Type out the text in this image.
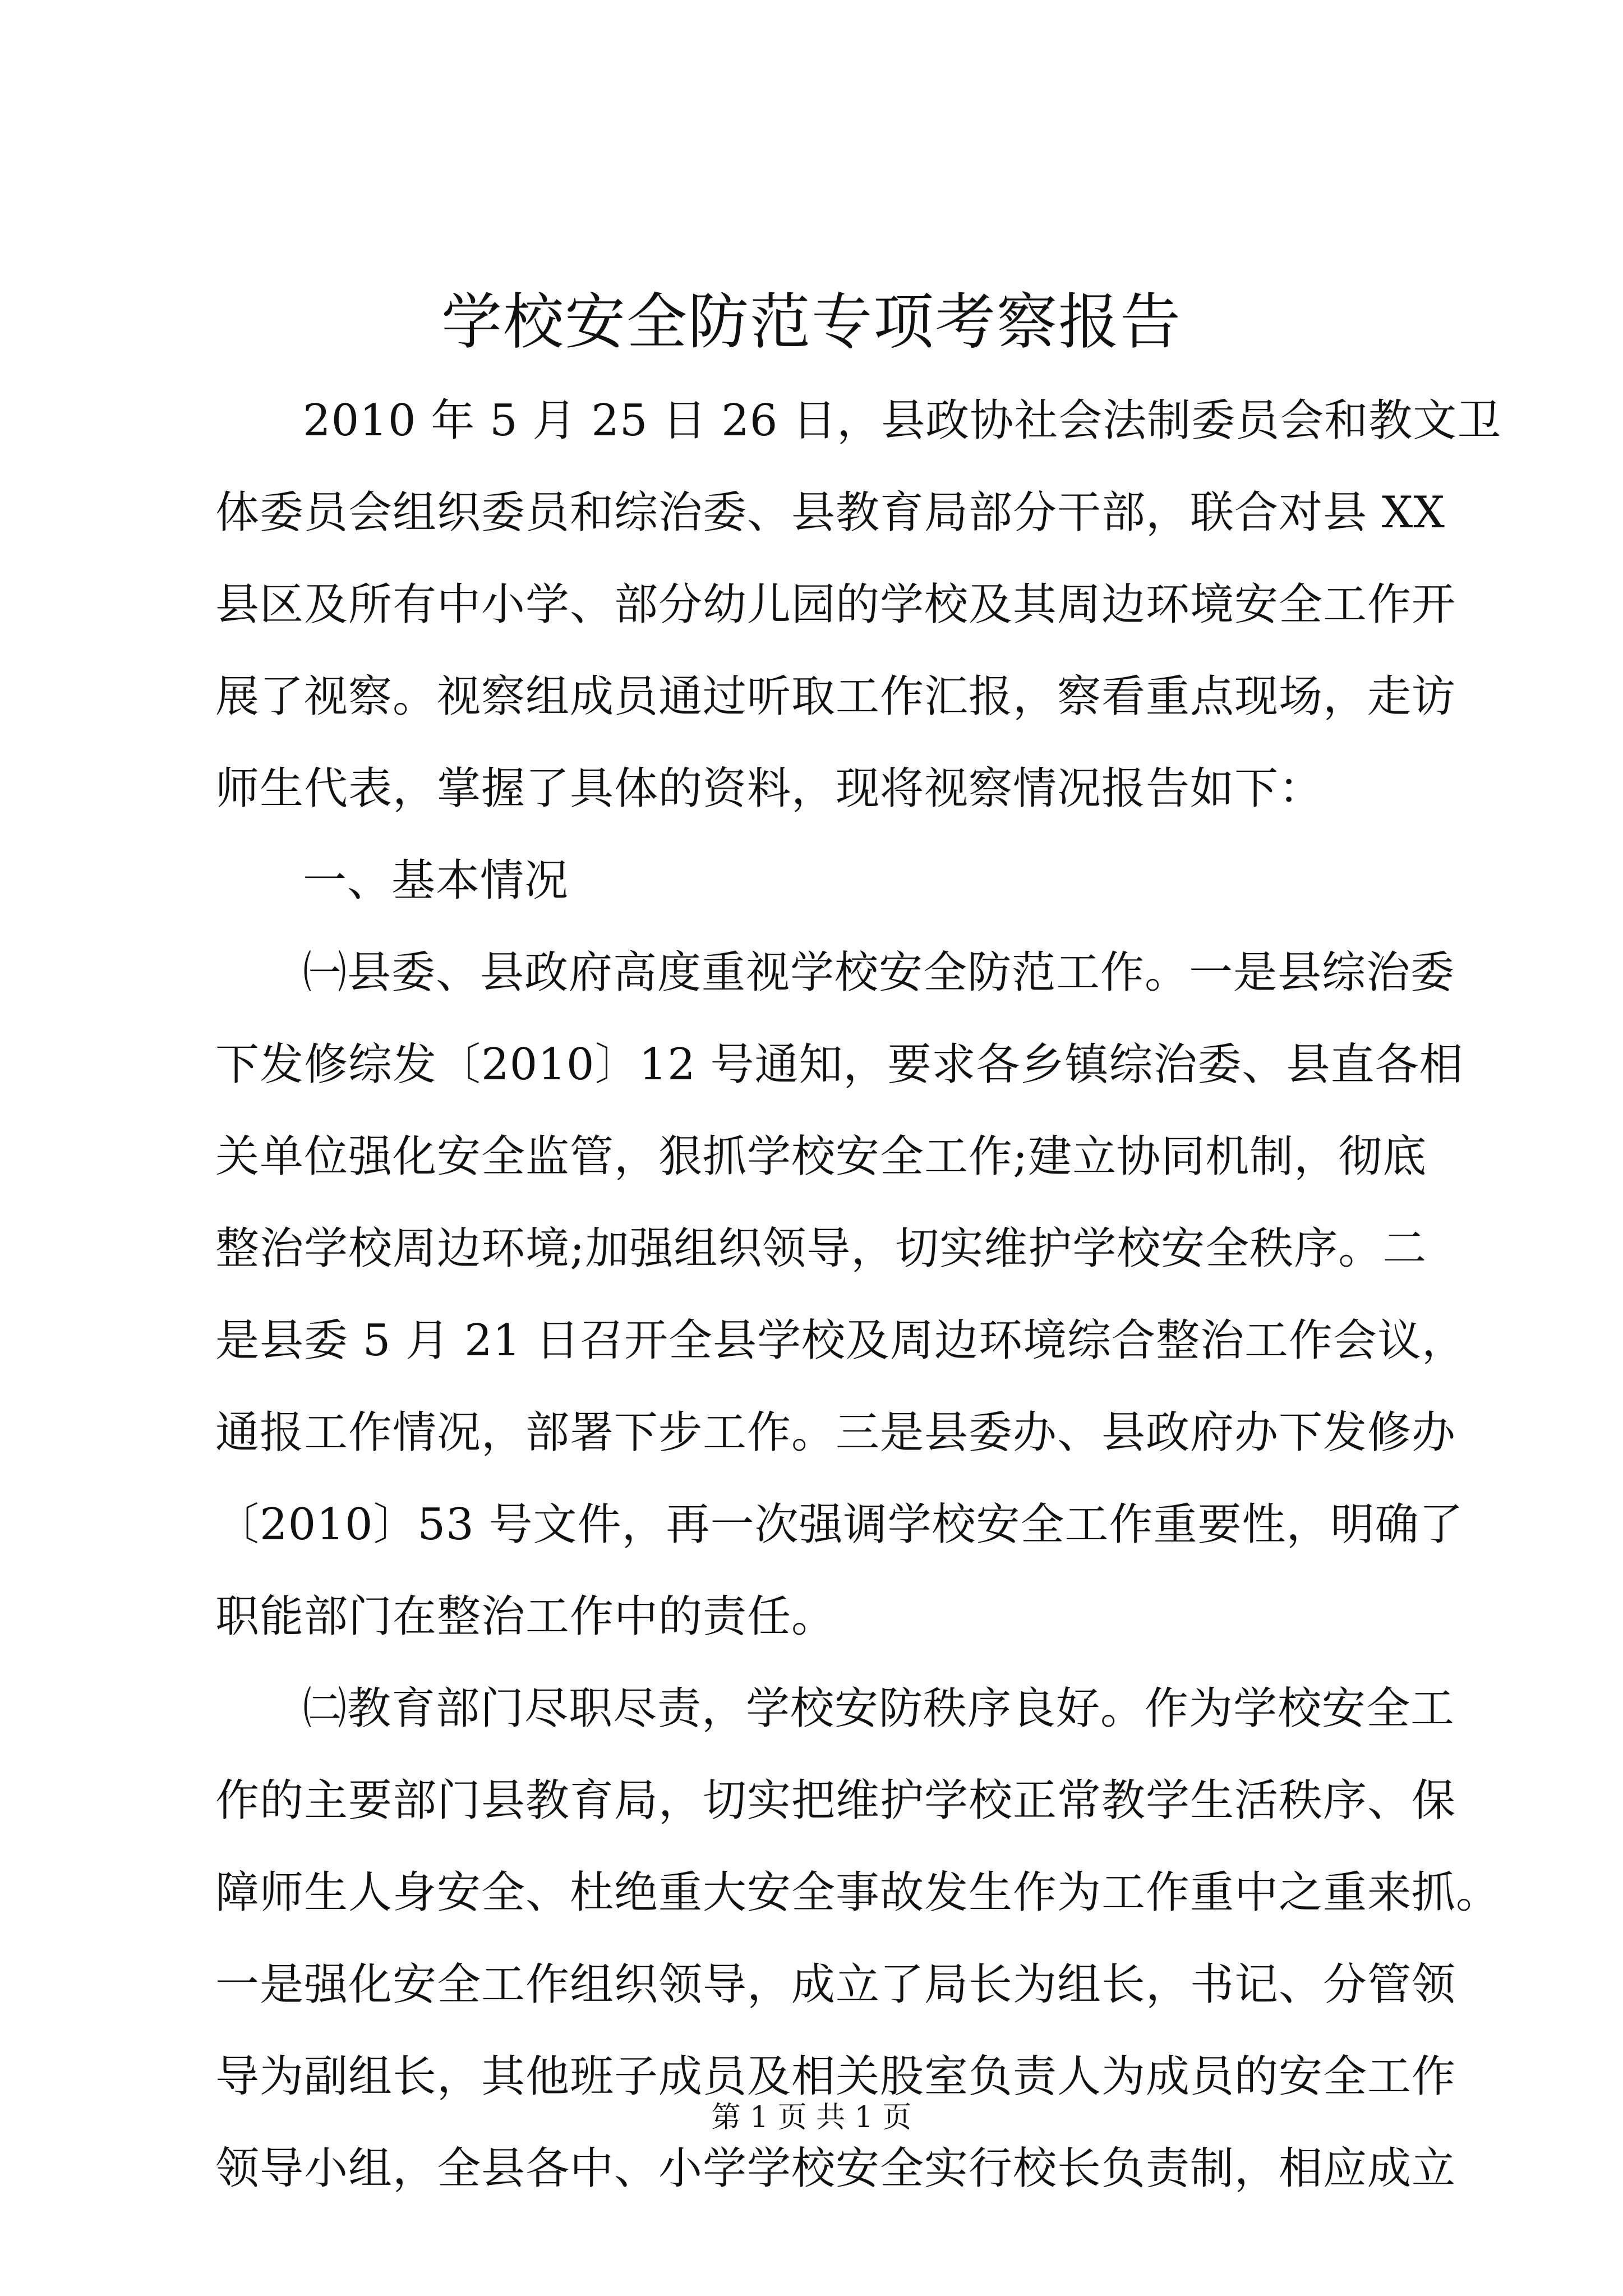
学校安全防范专项考察报告
2010 年 5 月 25 日 26 日，县政协社会法制委员会和教文卫
体委员会组织委员和综治委、县教育局部分干部，联合对县 XX
县区及所有中小学、部分幼儿园的学校及其周边环境安全工作开
展了视察。视察组成员通过听取工作汇报，察看重点现场，走访
师生代表，掌握了具体的资料，现将视察情况报告如下：
一、基本情况
㈠县委、县政府高度重视学校安全防范工作。一是县综治委
下发修综发〔2010〕12 号通知，要求各乡镇综治委、县直各相
关单位强化安全监管，狠抓学校安全工作;建立协同机制，彻底
整治学校周边环境;加强组织领导，切实维护学校安全秩序。二
是县委 5 月 21 日召开全县学校及周边环境综合整治工作会议，
通报工作情况，部署下步工作。三是县委办、县政府办下发修办
〔2010〕53 号文件，再一次强调学校安全工作重要性，明确了
职能部门在整治工作中的责任。
㈡教育部门尽职尽责，学校安防秩序良好。作为学校安全工
作的主要部门县教育局，切实把维护学校正常教学生活秩序、保
障师生人身安全、杜绝重大安全事故发生作为工作重中之重来抓。
一是强化安全工作组织领导，成立了局长为组长，书记、分管领
导为副组长，其他班子成员及相关股室负责人为成员的安全工作
领导小组，全县各中、小学学校安全实行校长负责制，相应成立
第 1 页 共 1 页
